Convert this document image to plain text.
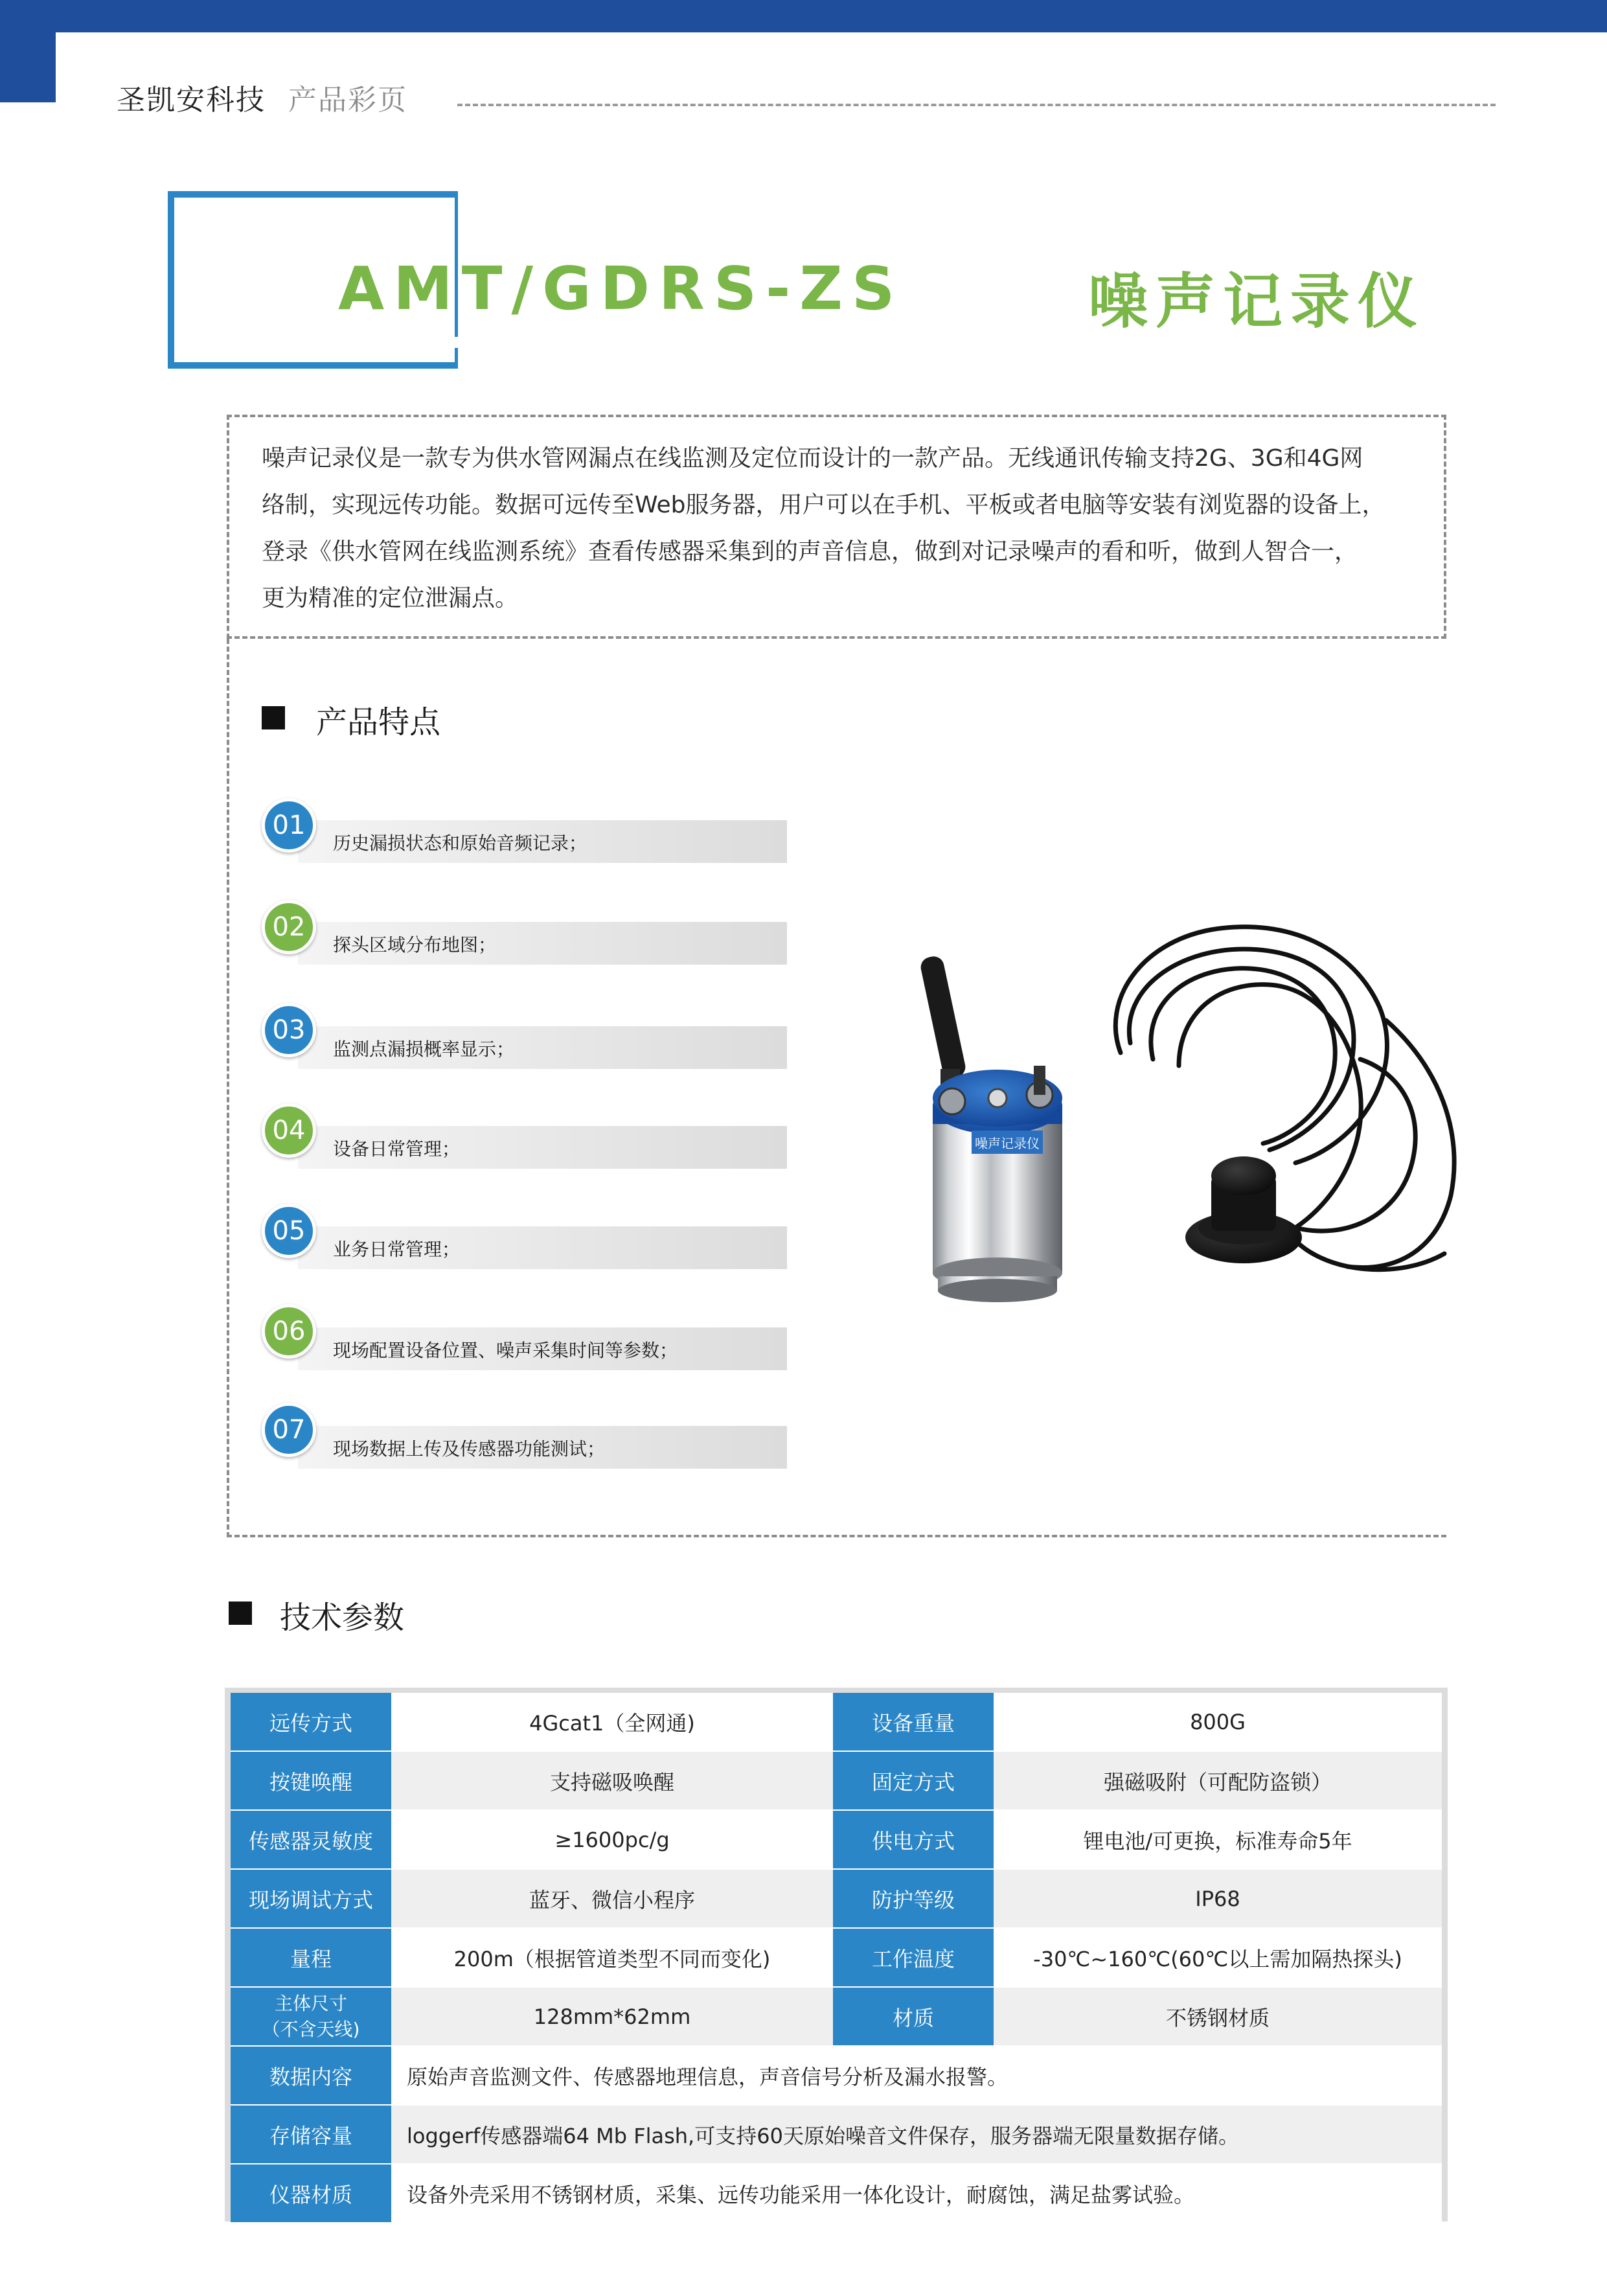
圣凯安科技 产品彩页
AMT/GDRS-ZS	噪声记录仪
噪声记录仪是一款专为供水管网漏点在线监测及定位而设计的一款产品。无线通讯传输支持2G、3G和4G网
络制，实现远传功能。数据可远传至Web服务器，用户可以在手机、平板或者电脑等安装有浏览器的设备上，
登录《供水管网在线监测系统》查看传感器采集到的声音信息，做到对记录噪声的看和听，做到人智合一，
更为精准的定位泄漏点。
产品特点
历史漏损状态和原始音频记录；
01
探头区域分布地图；
02
监测点漏损概率显示；
03
设备日常管理；
04
业务日常管理；
05
现场配置设备位置、噪声采集时间等参数；
06
现场数据上传及传感器功能测试；
07
噪声记录仪
技术参数
远传方式	4Gcat1（全网通)	设备重量	800G
按键唤醒	支持磁吸唤醒	固定方式	强磁吸附（可配防盗锁）
传感器灵敏度	≥1600pc/g	供电方式	锂电池/可更换，标准寿命5年
现场调试方式	蓝牙、微信小程序	防护等级	IP68
量程	200m（根据管道类型不同而变化)	工作温度	-30℃~160℃(60℃以上需加隔热探头)

主体尺寸
（不含天线)	128mm*62mm	材质	不锈钢材质
数据内容	原始声音监测文件、传感器地理信息，声音信号分析及漏水报警。		
存储容量	loggerf传感器端64 Mb Flash,可支持60天原始噪音文件保存，服务器端无限量数据存储。		
仪器材质	设备外壳采用不锈钢材质，采集、远传功能采用一体化设计，耐腐蚀，满足盐雾试验。		
